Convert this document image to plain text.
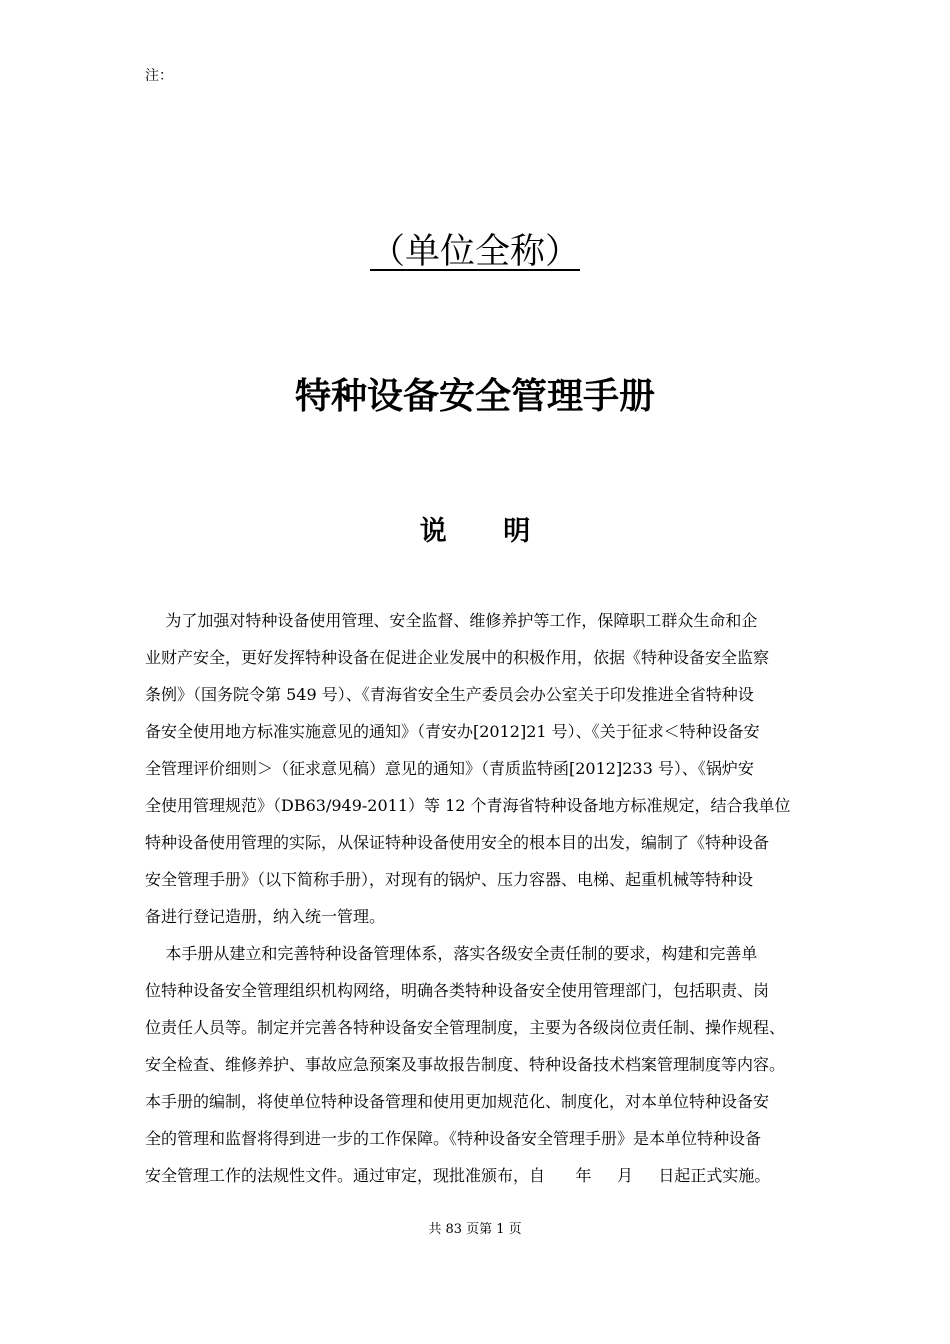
注：
（单位全称）
特种设备安全管理手册
说      明
为了加强对特种设备使用管理、安全监督、维修养护等工作，保障职工群众生命和企
业财产安全，更好发挥特种设备在促进企业发展中的积极作用，依据《特种设备安全监察
条例》（国务院令第 549 号）、《青海省安全生产委员会办公室关于印发推进全省特种设
备安全使用地方标准实施意见的通知》（青安办[2012]21 号）、《关于征求＜特种设备安
全管理评价细则＞（征求意见稿）意见的通知》（青质监特函[2012]233 号）、《锅炉安
全使用管理规范》（DB63/949-2011）等 12 个青海省特种设备地方标准规定，结合我单位
特种设备使用管理的实际，从保证特种设备使用安全的根本目的出发，编制了《特种设备
安全管理手册》（以下简称手册），对现有的锅炉、压力容器、电梯、起重机械等特种设
备进行登记造册，纳入统一管理。
本手册从建立和完善特种设备管理体系，落实各级安全责任制的要求，构建和完善单
位特种设备安全管理组织机构网络，明确各类特种设备安全使用管理部门，包括职责、岗
位责任人员等。制定并完善各特种设备安全管理制度，主要为各级岗位责任制、操作规程、
安全检查、维修养护、事故应急预案及事故报告制度、特种设备技术档案管理制度等内容。
本手册的编制，将使单位特种设备管理和使用更加规范化、制度化，对本单位特种设备安
全的管理和监督将得到进一步的工作保障。《特种设备安全管理手册》是本单位特种设备
安全管理工作的法规性文件。通过审定，现批准颁布，自      年     月     日起正式实施。
共 83 页第 1 页
